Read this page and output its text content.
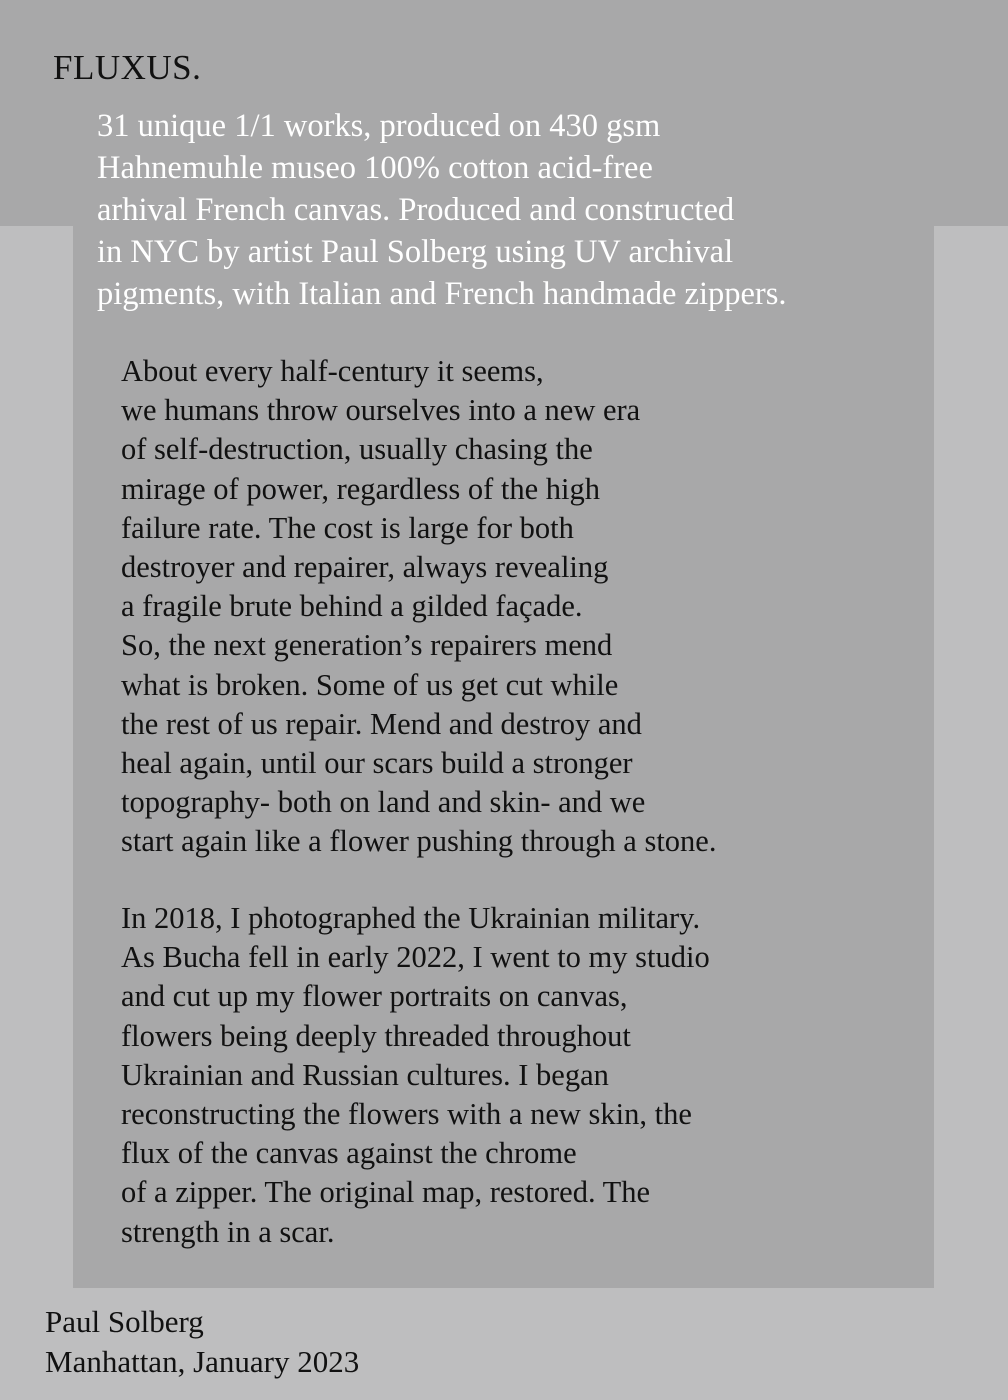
FLUXUS.
31 unique 1/1 works, produced on 430 gsm
Hahnemuhle museo 100% cotton acid-free
arhival French canvas. Produced and constructed
in NYC by artist Paul Solberg using UV archival
pigments, with Italian and French handmade zippers.
About every half-century it seems,
we humans throw ourselves into a new era
of self-destruction, usually chasing the
mirage of power, regardless of the high
failure rate. The cost is large for both
destroyer and repairer, always revealing
a fragile brute behind a gilded façade.
So, the next generation’s repairers mend
what is broken. Some of us get cut while
the rest of us repair. Mend and destroy and
heal again, until our scars build a stronger
topography- both on land and skin- and we
start again like a flower pushing through a stone.
In 2018, I photographed the Ukrainian military.
As Bucha fell in early 2022, I went to my studio
and cut up my flower portraits on canvas,
flowers being deeply threaded throughout
Ukrainian and Russian cultures. I began
reconstructing the flowers with a new skin, the
flux of the canvas against the chrome
of a zipper. The original map, restored. The
strength in a scar.
Paul Solberg
Manhattan, January 2023
